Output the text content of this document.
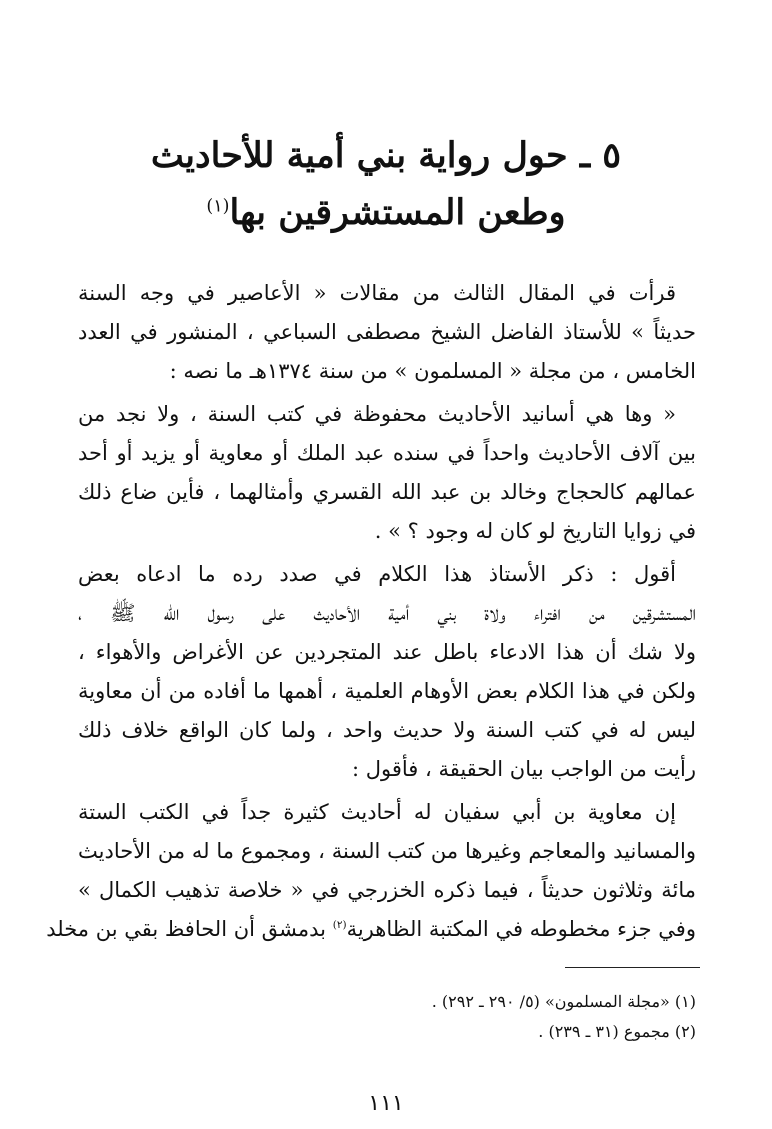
٥ ـ حول رواية بني أمية للأحاديث
وطعن المستشرقين بها$^{(١)}$
قرأت في المقال الثالث من مقالات « الأعاصير في وجه السنة
حديثاً » للأستاذ الفاضل الشيخ مصطفى السباعي ، المنشور في العدد
الخامس ، من مجلة « المسلمون » من سنة ١٣٧٤هـ ما نصه :
« وها هي أسانيد الأحاديث محفوظة في كتب السنة ، ولا نجد من
بين آلاف الأحاديث واحداً في سنده عبد الملك أو معاوية أو يزيد أو أحد
عمالهم كالحجاج وخالد بن عبد الله القسري وأمثالهما ، فأين ضاع ذلك
في زوايا التاريخ لو كان له وجود ؟ » .
أقول : ذكر الأستاذ هذا الكلام في صدد رده ما ادعاه بعض
المستشرقين من افتراء ولاة بني أمية الأحاديث على رسول الله ﷺ ،
ولا شك أن هذا الادعاء باطل عند المتجردين عن الأغراض والأهواء ،
ولكن في هذا الكلام بعض الأوهام العلمية ، أهمها ما أفاده من أن معاوية
ليس له في كتب السنة ولا حديث واحد ، ولما كان الواقع خلاف ذلك
رأيت من الواجب بيان الحقيقة ، فأقول :
إن معاوية بن أبي سفيان له أحاديث كثيرة جداً في الكتب الستة
والمسانيد والمعاجم وغيرها من كتب السنة ، ومجموع ما له من الأحاديث
مائة وثلاثون حديثاً ، فيما ذكره الخزرجي في « خلاصة تذهيب الكمال »
وفي جزء مخطوطه في المكتبة الظاهرية$^{(٢)}$ بدمشق أن الحافظ بقي بن مخلد
(١) «مجلة المسلمون» (٥/ ٢٩٠ ـ ٢٩٢) .
(٢) مجموع (٣١ ـ ٢٣٩) .
١١١
